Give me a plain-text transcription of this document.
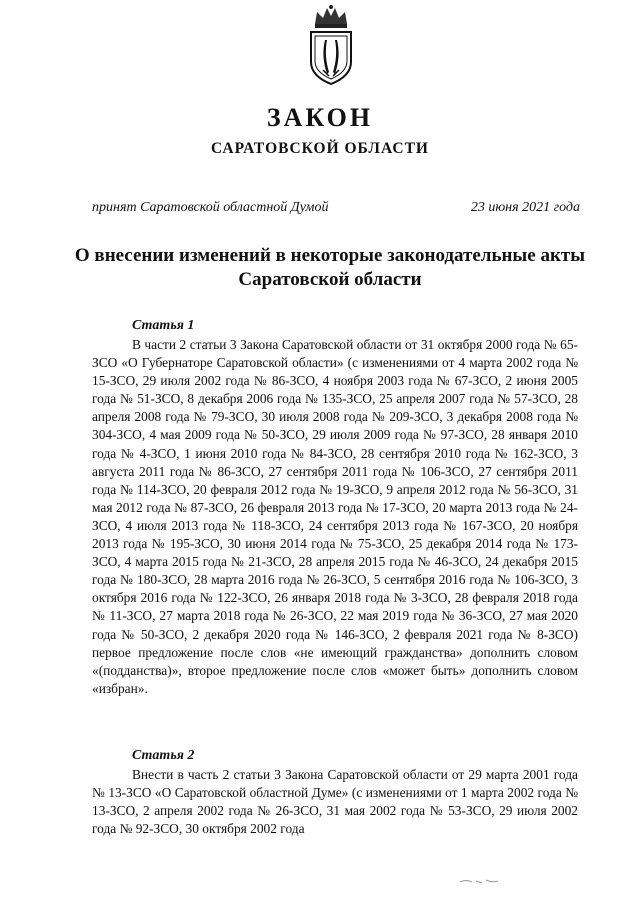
ЗАКОН
САРАТОВСКОЙ ОБЛАСТИ
принят Саратовской областной Думой	23 июня 2021 года
О внесении изменений в некоторые законодательные акты Саратовской области
Статья 1
В части 2 статьи 3 Закона Саратовской области от 31 октября 2000 года № 65-ЗСО «О Губернаторе Саратовской области» (с изменениями от 4 марта 2002 года № 15-ЗСО, 29 июля 2002 года № 86-ЗСО, 4 ноября 2003 года № 67-ЗСО, 2 июня 2005 года № 51-ЗСО, 8 декабря 2006 года № 135-ЗСО, 25 апреля 2007 года № 57-ЗСО, 28 апреля 2008 года № 79-ЗСО, 30 июля 2008 года № 209-ЗСО, 3 декабря 2008 года № 304-ЗСО, 4 мая 2009 года № 50-ЗСО, 29 июля 2009 года № 97-ЗСО, 28 января 2010 года № 4-ЗСО, 1 июня 2010 года № 84-ЗСО, 28 сентября 2010 года № 162-ЗСО, 3 августа 2011 года № 86-ЗСО, 27 сентября 2011 года № 106-ЗСО, 27 сентября 2011 года № 114-ЗСО, 20 февраля 2012 года № 19-ЗСО, 9 апреля 2012 года № 56-ЗСО, 31 мая 2012 года № 87-ЗСО, 26 февраля 2013 года № 17-ЗСО, 20 марта 2013 года № 24-ЗСО, 4 июля 2013 года № 118-ЗСО, 24 сентября 2013 года № 167-ЗСО, 20 ноября 2013 года № 195-ЗСО, 30 июня 2014 года № 75-ЗСО, 25 декабря 2014 года № 173-ЗСО, 4 марта 2015 года № 21-ЗСО, 28 апреля 2015 года № 46-ЗСО, 24 декабря 2015 года № 180-ЗСО, 28 марта 2016 года № 26-ЗСО, 5 сентября 2016 года № 106-ЗСО, 3 октября 2016 года № 122-ЗСО, 26 января 2018 года № 3-ЗСО, 28 февраля 2018 года № 11-ЗСО, 27 марта 2018 года № 26-ЗСО, 22 мая 2019 года № 36-ЗСО, 27 мая 2020 года № 50-ЗСО, 2 декабря 2020 года № 146-ЗСО, 2 февраля 2021 года № 8-ЗСО) первое предложение после слов «не имеющий гражданства» дополнить словом «(подданства)», второе предложение после слов «может быть» дополнить словом «избран».
Статья 2
Внести в часть 2 статьи 3 Закона Саратовской области от 29 марта 2001 года № 13-ЗСО «О Саратовской областной Думе» (с изменениями от 1 марта 2002 года № 13-ЗСО, 2 апреля 2002 года № 26-ЗСО, 31 мая 2002 года № 53-ЗСО, 29 июля 2002 года № 92-ЗСО, 30 октября 2002 года
